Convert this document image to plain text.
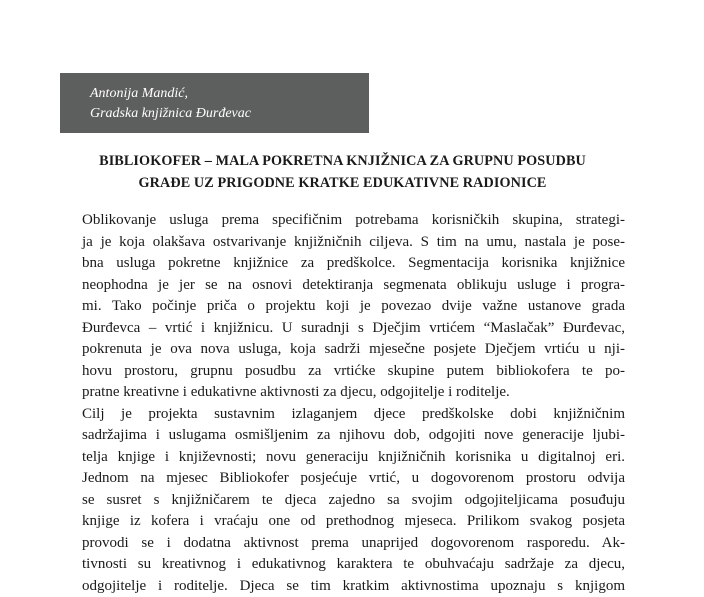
Antonija Mandić,
Gradska knjižnica Đurđevac
BIBLIOKOFER – MALA POKRETNA KNJIŽNICA ZA GRUPNU POSUDBU
GRAĐE UZ PRIGODNE KRATKE EDUKATIVNE RADIONICE
Oblikovanje usluga prema specifičnim potrebama korisničkih skupina, strategi-
ja je koja olakšava ostvarivanje knjižničnih ciljeva. S tim na umu, nastala je pose-
bna usluga pokretne knjižnice za predškolce. Segmentacija korisnika knjižnice
neophodna je jer se na osnovi detektiranja segmenata oblikuju usluge i progra-
mi. Tako počinje priča o projektu koji je povezao dvije važne ustanove grada
Đurđevca – vrtić i knjižnicu. U suradnji s Dječjim vrtićem “Maslačak” Đurđevac,
pokrenuta je ova nova usluga, koja sadrži mjesečne posjete Dječjem vrtiću u nji-
hovu prostoru, grupnu posudbu za vrtićke skupine putem bibliokofera te po-
pratne kreativne i edukativne aktivnosti za djecu, odgojitelje i roditelje.
Cilj je projekta sustavnim izlaganjem djece predškolske dobi knjižničnim
sadržajima i uslugama osmišljenim za njihovu dob, odgojiti nove generacije ljubi-
telja knjige i književnosti; novu generaciju knjižničnih korisnika u digitalnoj eri.
Jednom na mjesec Bibliokofer posjećuje vrtić, u dogovorenom prostoru odvija
se susret s knjižničarem te djeca zajedno sa svojim odgojiteljicama posuđuju
knjige iz kofera i vraćaju one od prethodnog mjeseca. Prilikom svakog posjeta
provodi se i dodatna aktivnost prema unaprijed dogovorenom rasporedu. Ak-
tivnosti su kreativnog i edukativnog karaktera te obuhvaćaju sadržaje za djecu,
odgojitelje i roditelje. Djeca se tim kratkim aktivnostima upoznaju s knjigom
